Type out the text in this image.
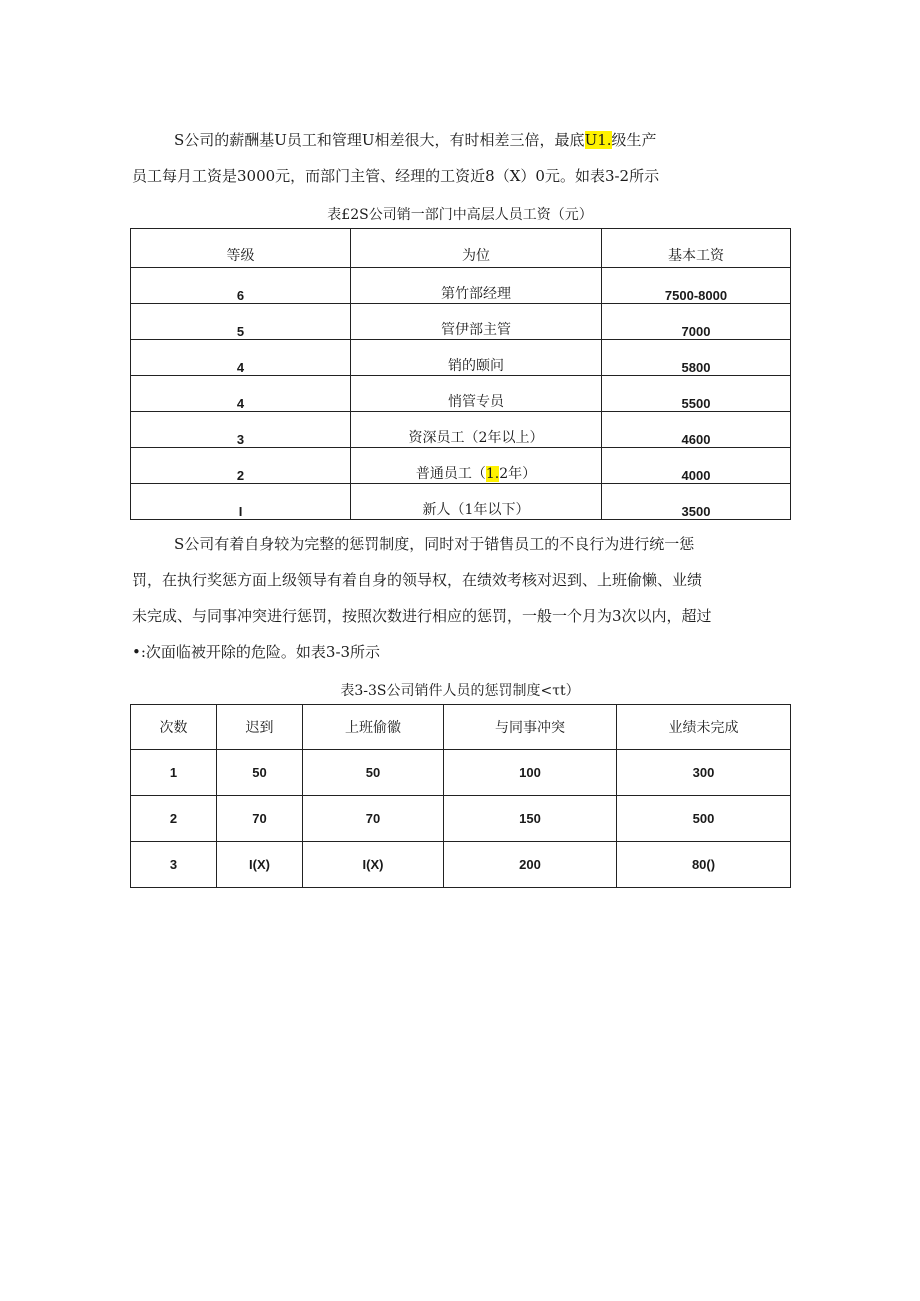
S公司的薪酬基U员工和管理U相差很大，有时相差三倍，最底U1.级生产
员工每月工资是3000元，而部门主管、经理的工资近8（X）0元。如表3-2所示

表£2S公司销一部门中高层人员工资（元）
等级	为位	基本工资
6	第竹部经理	7500-8000
5	管伊部主管	7000
4	销的颐问	5800
4	悄管专员	5500
3	资深员工（2年以上）	4600
2	普通员工（1.2年）	4000
I	新人（1年以下）	3500

S公司有着自身较为完整的惩罚制度，同时对于错售员工的不良行为进行统一惩
罚，在执行奖惩方面上级领导有着自身的领导权，在绩效考核对迟到、上班偷懒、业绩
未完成、与同事冲突进行惩罚，按照次数进行相应的惩罚，一般一个月为3次以内，超过
•:次面临被开除的危险。如表3-3所示

表3-3S公司销件人员的惩罚制度<τt）
次数	迟到	上班偷徽	与同事冲突	业绩未完成
1	50	50	100	300
2	70	70	150	500
3	I(X)	I(X)	200	80()
